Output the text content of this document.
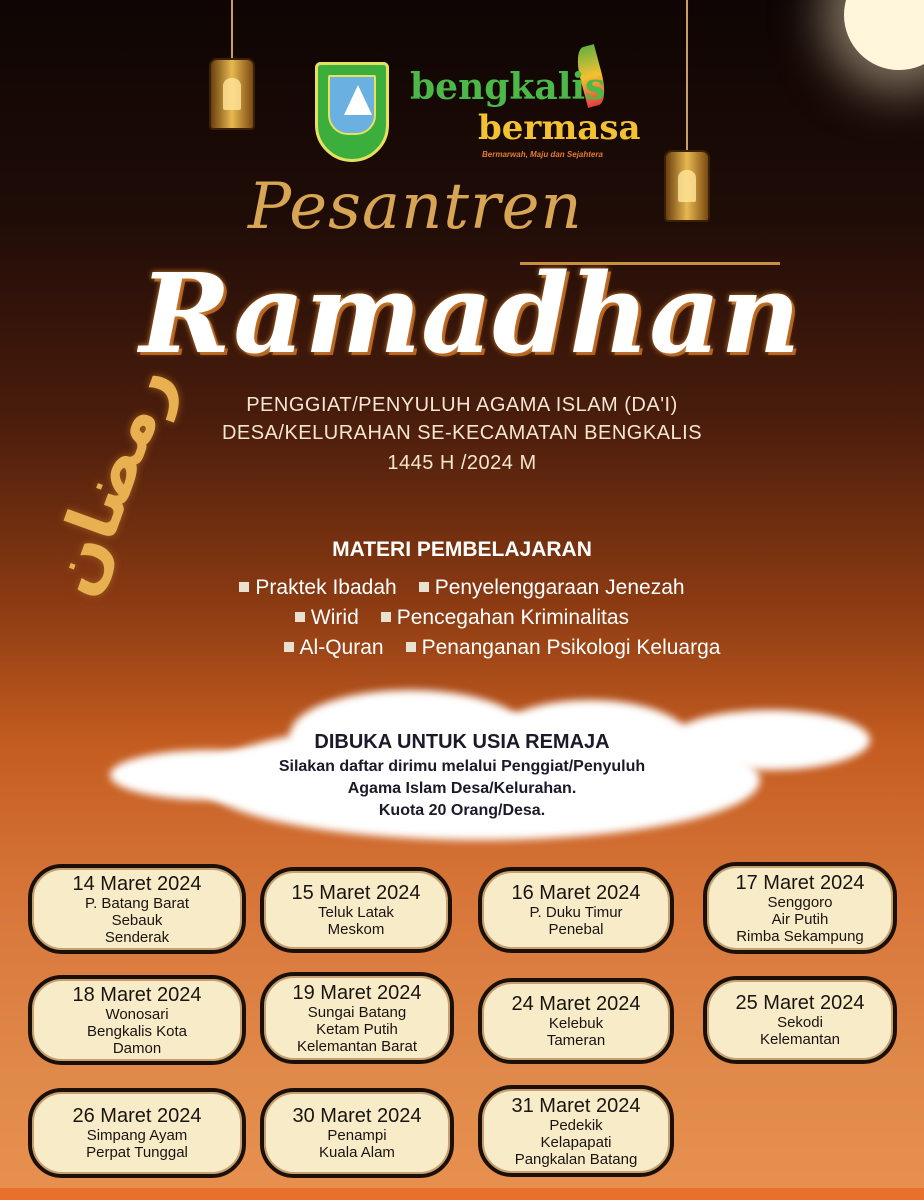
bengkalis
bermasa
Bermarwah, Maju dan Sejahtera
Pesantren
Ramadhan
PENGGIAT/PENYULUH AGAMA ISLAM (DA'I)
DESA/KELURAHAN SE-KECAMATAN BENGKALIS
1445 H /2024 M
رمضان	MATERI PEMBELAJARAN
Praktek Ibadah	Penyelenggaraan Jenezah
Wirid	Pencegahan Kriminalitas
Al-Quran	Penanganan Psikologi Keluarga
DIBUKA UNTUK USIA REMAJA
Silakan daftar dirimu melalui Penggiat/Penyuluh
Agama Islam Desa/Kelurahan.
Kuota 20 Orang/Desa.
14 Maret 2024
P. Batang Barat
Sebauk
Senderak
15 Maret 2024
Teluk Latak
Meskom
16 Maret 2024
P. Duku Timur
Penebal
17 Maret 2024
Senggoro
Air Putih
Rimba Sekampung
18 Maret 2024
Wonosari
Bengkalis Kota
Damon
19 Maret 2024
Sungai Batang
Ketam Putih
Kelemantan Barat
24 Maret 2024
Kelebuk
Tameran
25 Maret 2024
Sekodi
Kelemantan
26 Maret 2024
Simpang Ayam
Perpat Tunggal
30 Maret 2024
Penampi
Kuala Alam
31 Maret 2024
Pedekik
Kelapapati
Pangkalan Batang
